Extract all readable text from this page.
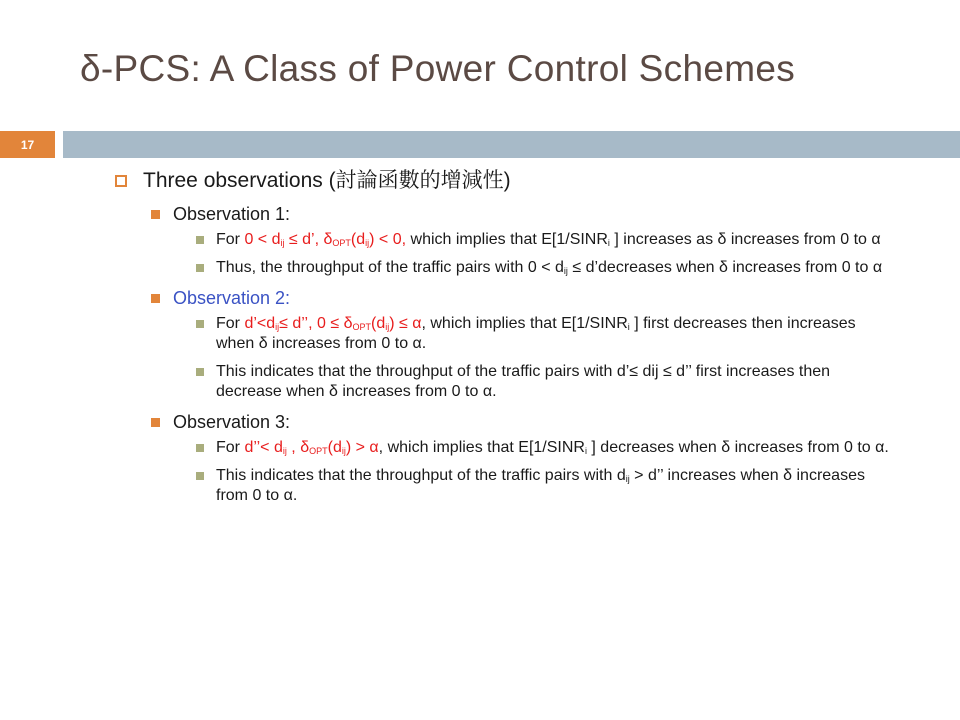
δ-PCS: A Class of Power Control Schemes
17
Three observations (討論函數的增減性)
Observation 1:
For $0 < d_{ij} \le d$’, $\delta_{OPT}(d_{ij}) < 0$, which implies that $E[1/SINR_i$ ] increases as δ increases from 0 to α
Thus, the throughput of the traffic pairs with $0 < d_{ij}$ ≤ d’decreases when δ increases from 0 to α
Observation 2:
For $d’<d_{ij}\le d$’’, $0 \le \delta_{OPT}(d_{ij}) \le \alpha$, which implies that $E[1/SINR_i$ ] first decreases then increases when δ increases from 0 to α.
This indicates that the throughput of the traffic pairs with d’≤ dij ≤ d’’ first increases then decrease when δ increases from 0 to α.
Observation 3:
For d’’< $d_{ij}$ , $\delta_{OPT}(d_{ij}) > \alpha$, which implies that $E[1/SINR_i$ ] decreases when δ increases from 0 to α.
This indicates that the throughput of the traffic pairs with $d_{ij} > d$’’ increases when δ increases from 0 to α.
